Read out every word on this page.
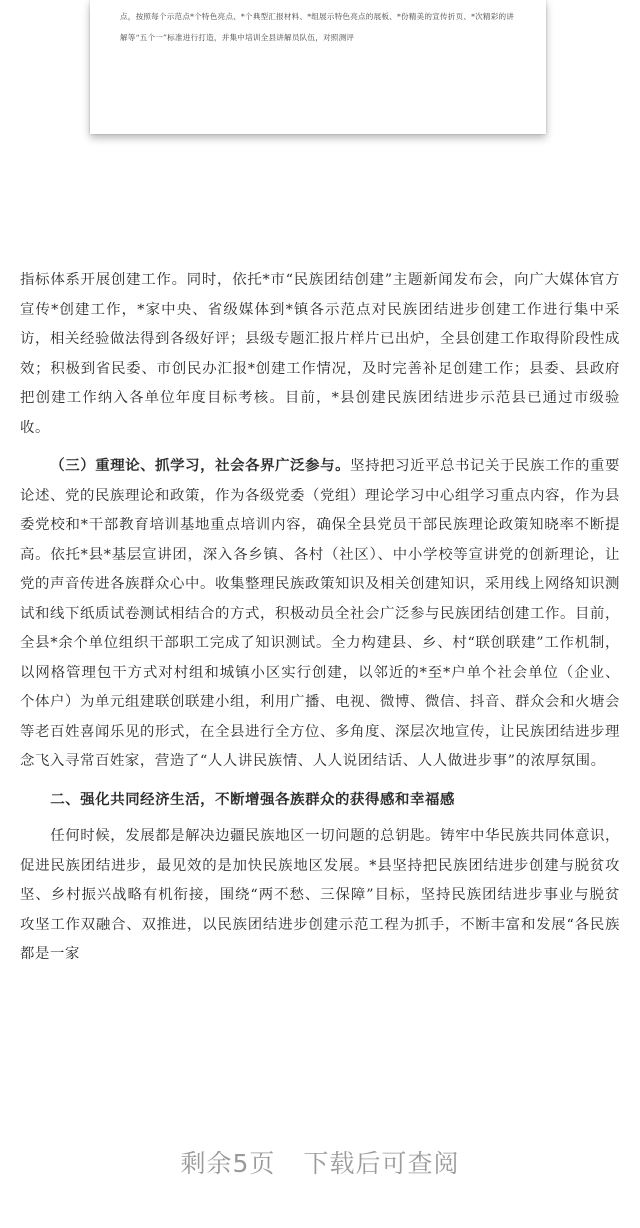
点，按照每个示范点*个特色亮点、*个典型汇报材料、*组展示特色亮点的展板、*份精美的宣传折页、*次精彩的讲解等“五个一”标准进行打造，并集中培训全县讲解员队伍，对照测评

指标体系开展创建工作。同时，依托*市“民族团结创建”主题新闻发布会，向广大媒体官方宣传*创建工作，*家中央、省级媒体到*镇各示范点对民族团结进步创建工作进行集中采访，相关经验做法得到各级好评；县级专题汇报片样片已出炉，全县创建工作取得阶段性成效；积极到省民委、市创民办汇报*创建工作情况，及时完善补足创建工作；县委、县政府把创建工作纳入各单位年度目标考核。目前，*县创建民族团结进步示范县已通过市级验收。

（三）重理论、抓学习，社会各界广泛参与。坚持把习近平总书记关于民族工作的重要论述、党的民族理论和政策，作为各级党委（党组）理论学习中心组学习重点内容，作为县委党校和*干部教育培训基地重点培训内容，确保全县党员干部民族理论政策知晓率不断提高。依托*县*基层宣讲团，深入各乡镇、各村（社区）、中小学校等宣讲党的创新理论，让党的声音传进各族群众心中。收集整理民族政策知识及相关创建知识，采用线上网络知识测试和线下纸质试卷测试相结合的方式，积极动员全社会广泛参与民族团结创建工作。目前，全县*余个单位组织干部职工完成了知识测试。全力构建县、乡、村“联创联建”工作机制，以网格管理包干方式对村组和城镇小区实行创建，以邻近的*至*户单个社会单位（企业、个体户）为单元组建联创联建小组，利用广播、电视、微博、微信、抖音、群众会和火塘会等老百姓喜闻乐见的形式，在全县进行全方位、多角度、深层次地宣传，让民族团结进步理念飞入寻常百姓家，营造了“人人讲民族情、人人说团结话、人人做进步事”的浓厚氛围。

二、强化共同经济生活，不断增强各族群众的获得感和幸福感

任何时候，发展都是解决边疆民族地区一切问题的总钥匙。铸牢中华民族共同体意识，促进民族团结进步，最见效的是加快民族地区发展。*县坚持把民族团结进步创建与脱贫攻坚、乡村振兴战略有机衔接，围绕“两不愁、三保障”目标，坚持民族团结进步事业与脱贫攻坚工作双融合、双推进，以民族团结进步创建示范工程为抓手，不断丰富和发展“各民族都是一家

剩余5页 下载后可查阅
